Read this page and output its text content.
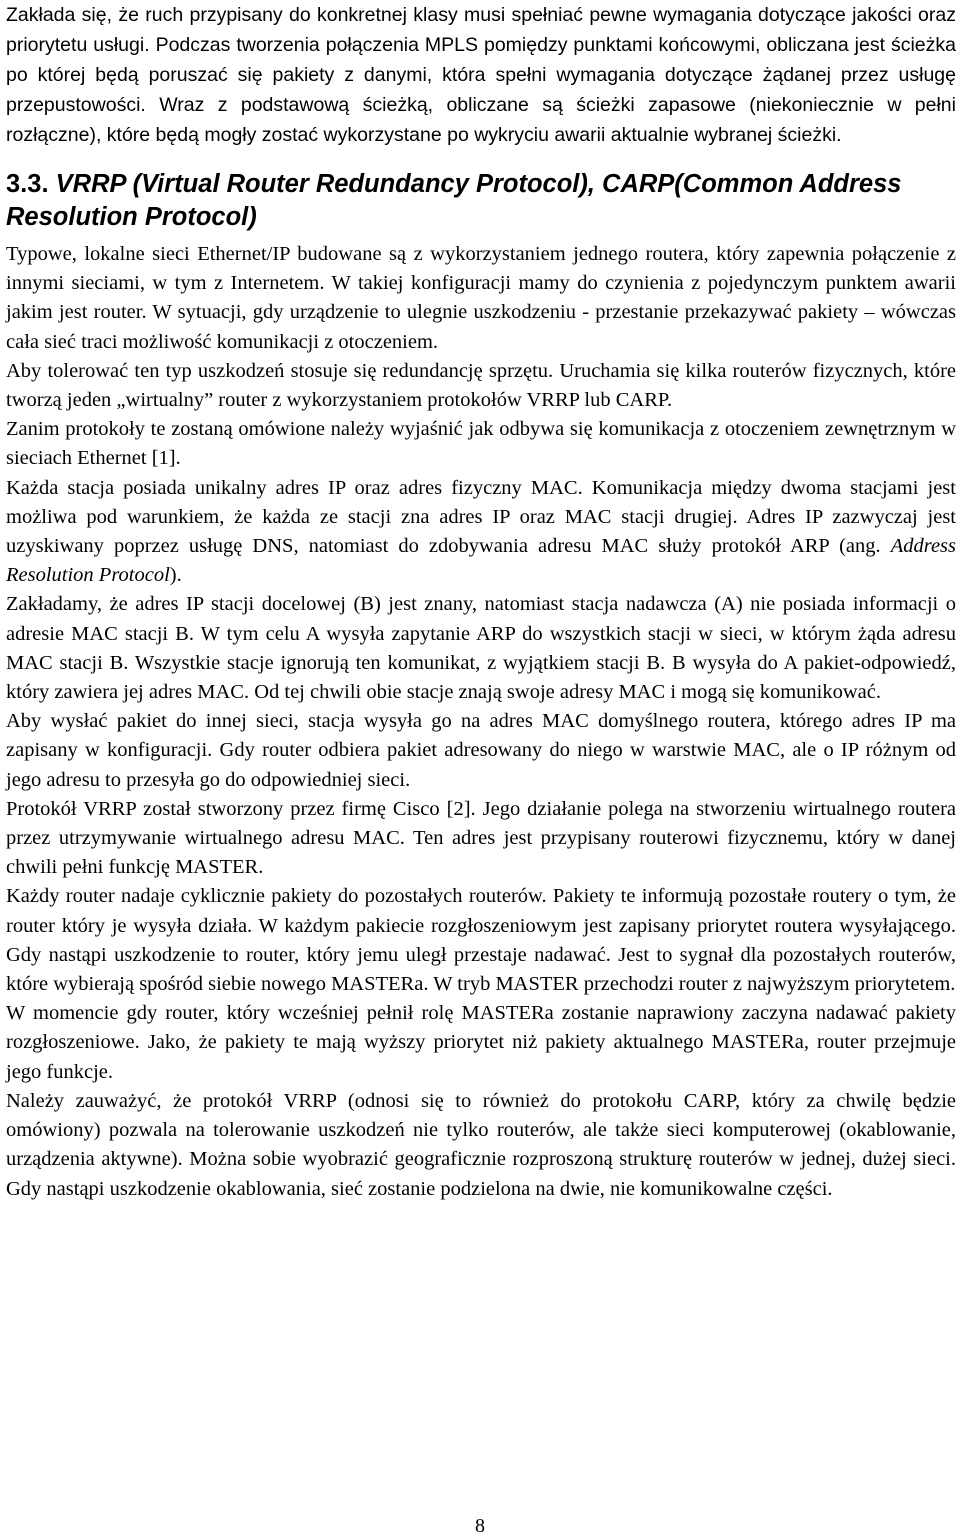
Zakłada się, że ruch przypisany do konkretnej klasy musi spełniać pewne wymagania dotyczące jakości oraz priorytetu usługi. Podczas tworzenia połączenia MPLS pomiędzy punktami końcowymi, obliczana jest ścieżka po której będą poruszać się pakiety z danymi, która spełni wymagania dotyczące żądanej przez usługę przepustowości. Wraz z podstawową ścieżką, obliczane są ścieżki zapasowe (niekoniecznie w pełni rozłączne), które będą mogły zostać wykorzystane po wykryciu awarii aktualnie wybranej ścieżki.

3.3. VRRP (Virtual Router Redundancy Protocol), CARP(Common Address Resolution Protocol)

Typowe, lokalne sieci Ethernet/IP budowane są z wykorzystaniem jednego routera, który zapewnia połączenie z innymi sieciami, w tym z Internetem. W takiej konfiguracji mamy do czynienia z pojedynczym punktem awarii jakim jest router. W sytuacji, gdy urządzenie to ulegnie uszkodzeniu - przestanie przekazywać pakiety – wówczas cała sieć traci możliwość komunikacji z otoczeniem.

Aby tolerować ten typ uszkodzeń stosuje się redundancję sprzętu. Uruchamia się kilka routerów fizycznych, które tworzą jeden „wirtualny” router z wykorzystaniem protokołów VRRP lub CARP.

Zanim protokoły te zostaną omówione należy wyjaśnić jak odbywa się komunikacja z otoczeniem zewnętrznym w sieciach Ethernet [1].

Każda stacja posiada unikalny adres IP oraz adres fizyczny MAC. Komunikacja między dwoma stacjami jest możliwa pod warunkiem, że każda ze stacji zna adres IP oraz MAC stacji drugiej. Adres IP zazwyczaj jest uzyskiwany poprzez usługę DNS, natomiast do zdobywania adresu MAC służy protokół ARP (ang. Address Resolution Protocol).

Zakładamy, że adres IP stacji docelowej (B) jest znany, natomiast stacja nadawcza (A) nie posiada informacji o adresie MAC stacji B. W tym celu A wysyła zapytanie ARP do wszystkich stacji w sieci, w którym żąda adresu MAC stacji B. Wszystkie stacje ignorują ten komunikat, z wyjątkiem stacji B. B wysyła do A pakiet-odpowiedź, który zawiera jej adres MAC. Od tej chwili obie stacje znają swoje adresy MAC i mogą się komunikować.

Aby wysłać pakiet do innej sieci, stacja wysyła go na adres MAC domyślnego routera, którego adres IP ma zapisany w konfiguracji. Gdy router odbiera pakiet adresowany do niego w warstwie MAC, ale o IP różnym od jego adresu to przesyła go do odpowiedniej sieci.

Protokół VRRP został stworzony przez firmę Cisco [2]. Jego działanie polega na stworzeniu wirtualnego routera przez utrzymywanie wirtualnego adresu MAC. Ten adres jest przypisany routerowi fizycznemu, który w danej chwili pełni funkcję MASTER.

Każdy router nadaje cyklicznie pakiety do pozostałych routerów. Pakiety te informują pozostałe routery o tym, że router który je wysyła działa. W każdym pakiecie rozgłoszeniowym jest zapisany priorytet routera wysyłającego. Gdy nastąpi uszkodzenie to router, który jemu uległ przestaje nadawać. Jest to sygnał dla pozostałych routerów, które wybierają spośród siebie nowego MASTERa. W tryb MASTER przechodzi router z najwyższym priorytetem.

W momencie gdy router, który wcześniej pełnił rolę MASTERa zostanie naprawiony zaczyna nadawać pakiety rozgłoszeniowe. Jako, że pakiety te mają wyższy priorytet niż pakiety aktualnego MASTERa, router przejmuje jego funkcje.

Należy zauważyć, że protokół VRRP (odnosi się to również do protokołu CARP, który za chwilę będzie omówiony) pozwala na tolerowanie uszkodzeń nie tylko routerów, ale także sieci komputerowej (okablowanie, urządzenia aktywne). Można sobie wyobrazić geograficznie rozproszoną strukturę routerów w jednej, dużej sieci. Gdy nastąpi uszkodzenie okablowania, sieć zostanie podzielona na dwie, nie komunikowalne części.

8
